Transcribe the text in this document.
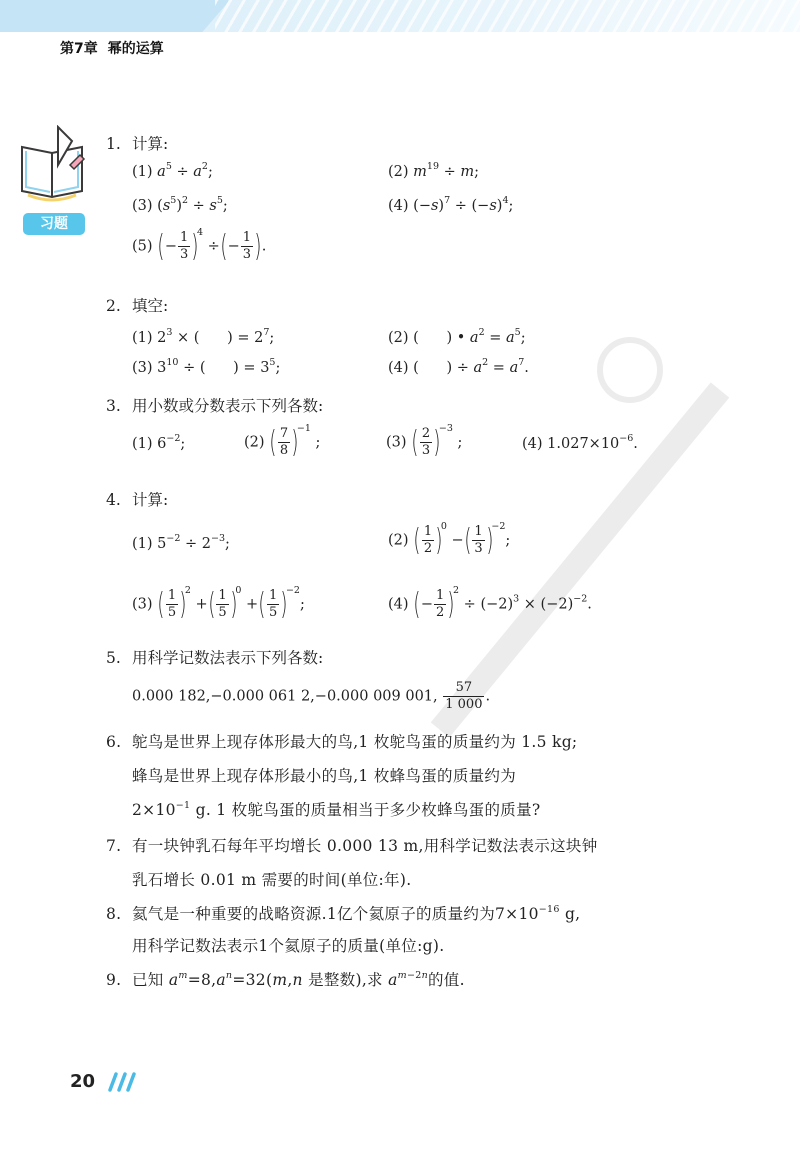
第7章 幂的运算
习题
1. 计算:
(1) $a^5 \div a^2$;	(2) $m^{19} \div m$;
(3) $(s^5)^2 \div s^5$;	(4) $(-s)^7 \div (-s)^4$;
(5) (− $\frac{1}{3} )^4$ ÷(− $\frac{1}{3}$ ).
2. 填空:
(1) $2^3$ × (      ) = $2^7$;	(2) (      ) • $a^2 = a^5$;
(3) $3^{10}$ ÷ (      ) = $3^5$;	(4) (      ) ÷ $a^2 = a^7$.
3. 用小数或分数表示下列各数:
(1) $6^{-2}$;	(2) ( $\frac{7}{8} )^{-1}$ ;	(3) ( $\frac{2}{3} )^{-3}$ ;	(4) $1.027\times 10^{-6}$.
4. 计算:
(1) $5^{-2} \div 2^{-3}$;	(2) ( $\frac{1}{2} )^0$ −( $\frac{1}{3} )^{-2}$;
(3) ( $\frac{1}{5} )^2$ +( $\frac{1}{5} )^0$ +( $\frac{1}{5} )^{-2}$;	(4) (− $\frac{1}{2} )^2 \div (-2)^3 \times (-2)^{-2}$.
5. 用科学记数法表示下列各数:
0.000 182,−0.000 061 2,−0.000 009 001, $\frac{57}{1 000}$ .
6. 鸵鸟是世界上现存体形最大的鸟,1 枚鸵鸟蛋的质量约为 1.5 kg;
蜂鸟是世界上现存体形最小的鸟,1 枚蜂鸟蛋的质量约为
$2\times 10^{-1}$ g. 1 枚鸵鸟蛋的质量相当于多少枚蜂鸟蛋的质量?
7. 有一块钟乳石每年平均增长 0.000 13 m,用科学记数法表示这块钟
乳石增长 0.01 m 需要的时间(单位:年).
8. 氦气是一种重要的战略资源.1亿个氦原子的质量约为$7\times 10^{-16}$ g,
用科学记数法表示1个氦原子的质量(单位:g).
9. 已知 $a^m=8,a^n=32(m,n$ 是整数),求 $a^{m-2n}$的值.
20
